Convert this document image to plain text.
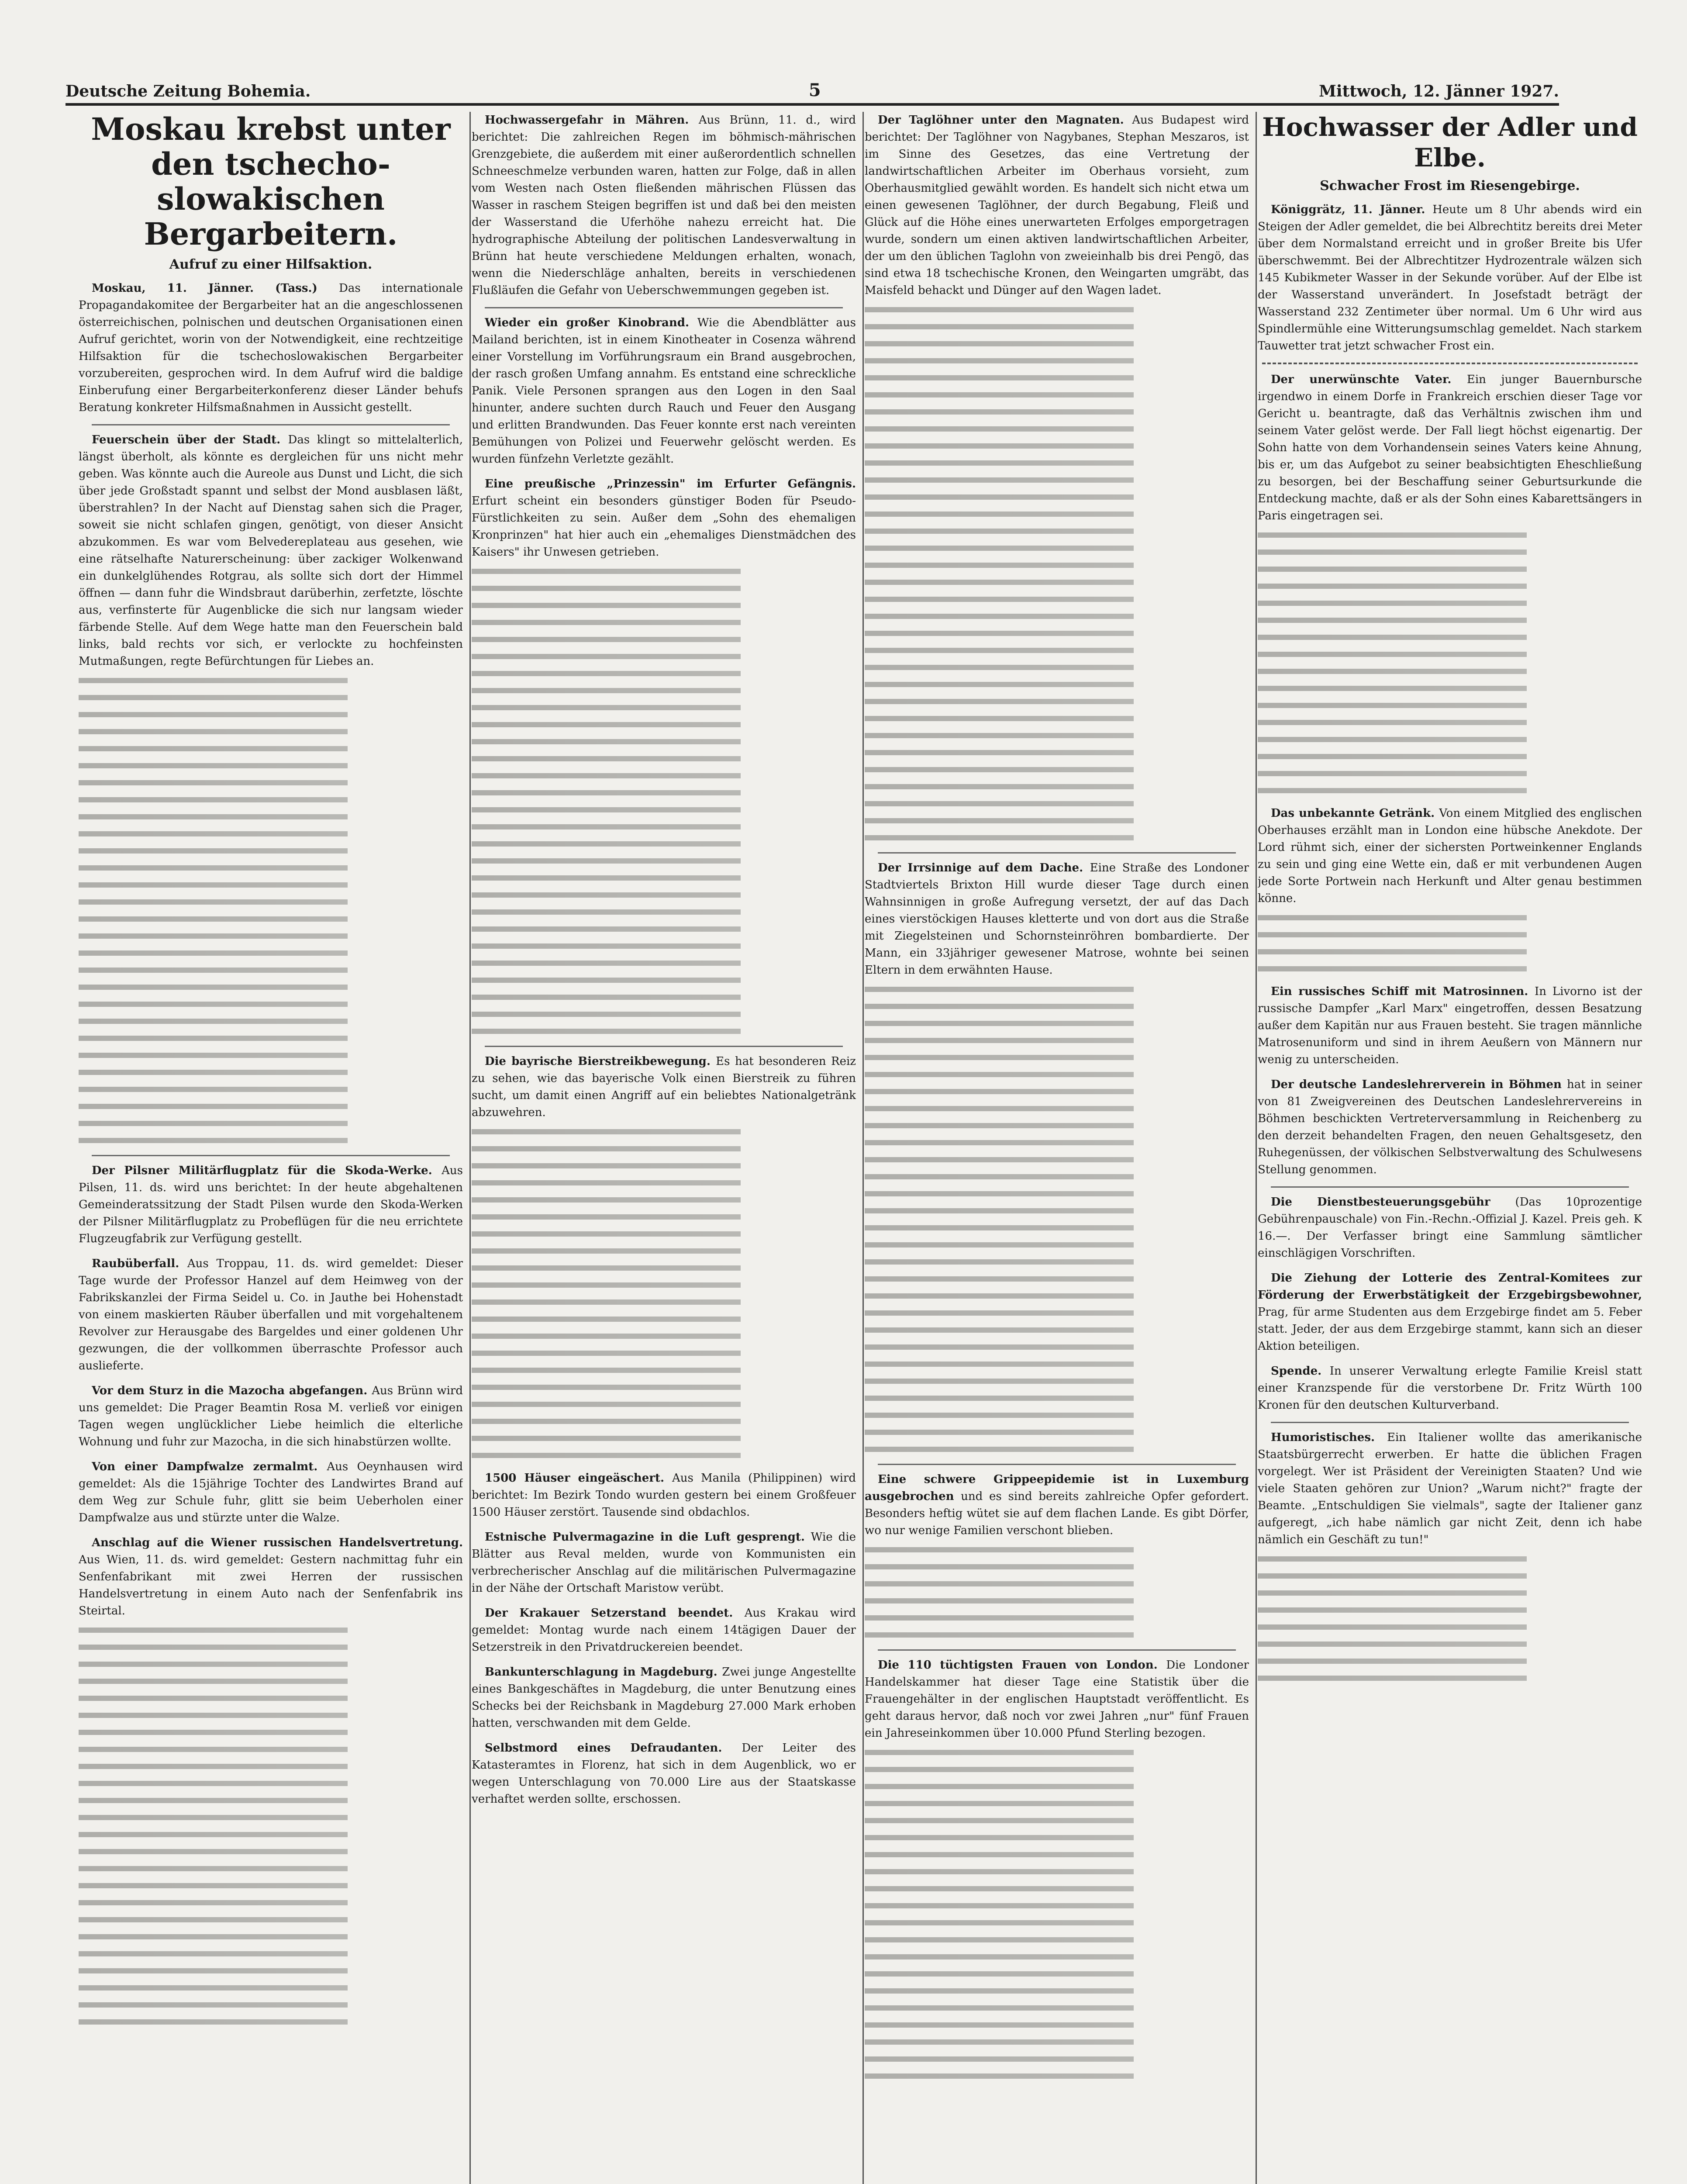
Deutsche Zeitung Bohemia.	5	Mittwoch, 12. Jänner 1927.
Moskau krebst unter den tschecho-slowakischen Bergarbeitern.
Aufruf zu einer Hilfsaktion.

Moskau, 11. Jänner. (Tass.) Das internationale Propagandakomitee der Bergarbeiter hat an die angeschlossenen österreichischen, polnischen und deutschen Organisationen einen Aufruf gerichtet, worin von der Notwendigkeit, eine rechtzeitige Hilfsaktion für die tschechoslowakischen Bergarbeiter vorzubereiten, gesprochen wird. In dem Aufruf wird die baldige Einberufung einer Bergarbeiterkonferenz dieser Länder behufs Beratung konkreter Hilfsmaßnahmen in Aussicht gestellt.

Feuerschein über der Stadt. Das klingt so mittelalterlich, längst überholt, als könnte es dergleichen für uns nicht mehr geben. Was könnte auch die Aureole aus Dunst und Licht, die sich über jede Großstadt spannt und selbst der Mond ausblasen läßt, überstrahlen? In der Nacht auf Dienstag sahen sich die Prager, soweit sie nicht schlafen gingen, genötigt, von dieser Ansicht abzukommen. Es war vom Belvedereplateau aus gesehen, wie eine rätselhafte Naturerscheinung: über zackiger Wolkenwand ein dunkelglühendes Rotgrau, als sollte sich dort der Himmel öffnen — dann fuhr die Windsbraut darüberhin, zerfetzte, löschte aus, verfinsterte für Augenblicke die sich nur langsam wieder färbende Stelle. Auf dem Wege hatte man den Feuerschein bald links, bald rechts vor sich, er verlockte zu hochfeinsten Mutmaßungen, regte Befürchtungen für Liebes an.

Der Pilsner Militärflugplatz für die Skoda-Werke. Aus Pilsen, 11. ds. wird uns berichtet: In der heute abgehaltenen Gemeinderatssitzung der Stadt Pilsen wurde den Skoda-Werken der Pilsner Militärflugplatz zu Probeflügen für die neu errichtete Flugzeugfabrik zur Verfügung gestellt.

Raubüberfall. Aus Troppau, 11. ds. wird gemeldet: Dieser Tage wurde der Professor Hanzel auf dem Heimweg von der Fabrikskanzlei der Firma Seidel u. Co. in Jauthe bei Hohenstadt von einem maskierten Räuber überfallen und mit vorgehaltenem Revolver zur Herausgabe des Bargeldes und einer goldenen Uhr gezwungen, die der vollkommen überraschte Professor auch auslieferte.

Vor dem Sturz in die Mazocha abgefangen. Aus Brünn wird uns gemeldet: Die Prager Beamtin Rosa M. verließ vor einigen Tagen wegen unglücklicher Liebe heimlich die elterliche Wohnung und fuhr zur Mazocha, in die sich hinabstürzen wollte.

Von einer Dampfwalze zermalmt. Aus Oeynhausen wird gemeldet: Als die 15jährige Tochter des Landwirtes Brand auf dem Weg zur Schule fuhr, glitt sie beim Ueberholen einer Dampfwalze aus und stürzte unter die Walze.

Anschlag auf die Wiener russischen Handelsvertretung. Aus Wien, 11. ds. wird gemeldet: Gestern nachmittag fuhr ein Senfenfabrikant mit zwei Herren der russischen Handelsvertretung in einem Auto nach der Senfenfabrik ins Steirtal.

Hochwassergefahr in Mähren. Aus Brünn, 11. d., wird berichtet: Die zahlreichen Regen im böhmisch-mährischen Grenzgebiete, die außerdem mit einer außerordentlich schnellen Schneeschmelze verbunden waren, hatten zur Folge, daß in allen vom Westen nach Osten fließenden mährischen Flüssen das Wasser in raschem Steigen begriffen ist und daß bei den meisten der Wasserstand die Uferhöhe nahezu erreicht hat. Die hydrographische Abteilung der politischen Landesverwaltung in Brünn hat heute verschiedene Meldungen erhalten, wonach, wenn die Niederschläge anhalten, bereits in verschiedenen Flußläufen die Gefahr von Ueberschwemmungen gegeben ist.

Wieder ein großer Kinobrand. Wie die Abendblätter aus Mailand berichten, ist in einem Kinotheater in Cosenza während einer Vorstellung im Vorführungsraum ein Brand ausgebrochen, der rasch großen Umfang annahm. Es entstand eine schreckliche Panik. Viele Personen sprangen aus den Logen in den Saal hinunter, andere suchten durch Rauch und Feuer den Ausgang und erlitten Brandwunden. Das Feuer konnte erst nach vereinten Bemühungen von Polizei und Feuerwehr gelöscht werden. Es wurden fünfzehn Verletzte gezählt.

Eine preußische „Prinzessin" im Erfurter Gefängnis. Erfurt scheint ein besonders günstiger Boden für Pseudo-Fürstlichkeiten zu sein. Außer dem „Sohn des ehemaligen Kronprinzen" hat hier auch ein „ehemaliges Dienstmädchen des Kaisers" ihr Unwesen getrieben.

Die bayrische Bierstreikbewegung. Es hat besonderen Reiz zu sehen, wie das bayerische Volk einen Bierstreik zu führen sucht, um damit einen Angriff auf ein beliebtes Nationalgetränk abzuwehren.

1500 Häuser eingeäschert. Aus Manila (Philippinen) wird berichtet: Im Bezirk Tondo wurden gestern bei einem Großfeuer 1500 Häuser zerstört. Tausende sind obdachlos.

Estnische Pulvermagazine in die Luft gesprengt. Wie die Blätter aus Reval melden, wurde von Kommunisten ein verbrecherischer Anschlag auf die militärischen Pulvermagazine in der Nähe der Ortschaft Maristow verübt.

Der Krakauer Setzerstand beendet. Aus Krakau wird gemeldet: Montag wurde nach einem 14tägigen Dauer der Setzerstreik in den Privatdruckereien beendet.

Bankunterschlagung in Magdeburg. Zwei junge Angestellte eines Bankgeschäftes in Magdeburg, die unter Benutzung eines Schecks bei der Reichsbank in Magdeburg 27.000 Mark erhoben hatten, verschwanden mit dem Gelde.

Selbstmord eines Defraudanten. Der Leiter des Katasteramtes in Florenz, hat sich in dem Augenblick, wo er wegen Unterschlagung von 70.000 Lire aus der Staatskasse verhaftet werden sollte, erschossen.

Der Taglöhner unter den Magnaten. Aus Budapest wird berichtet: Der Taglöhner von Nagybanes, Stephan Meszaros, ist im Sinne des Gesetzes, das eine Vertretung der landwirtschaftlichen Arbeiter im Oberhaus vorsieht, zum Oberhausmitglied gewählt worden. Es handelt sich nicht etwa um einen gewesenen Taglöhner, der durch Begabung, Fleiß und Glück auf die Höhe eines unerwarteten Erfolges emporgetragen wurde, sondern um einen aktiven landwirtschaftlichen Arbeiter, der um den üblichen Taglohn von zweieinhalb bis drei Pengö, das sind etwa 18 tschechische Kronen, den Weingarten umgräbt, das Maisfeld behackt und Dünger auf den Wagen ladet.

Der Irrsinnige auf dem Dache. Eine Straße des Londoner Stadtviertels Brixton Hill wurde dieser Tage durch einen Wahnsinnigen in große Aufregung versetzt, der auf das Dach eines vierstöckigen Hauses kletterte und von dort aus die Straße mit Ziegelsteinen und Schornsteinröhren bombardierte. Der Mann, ein 33jähriger gewesener Matrose, wohnte bei seinen Eltern in dem erwähnten Hause.

Eine schwere Grippeepidemie ist in Luxemburg ausgebrochen und es sind bereits zahlreiche Opfer gefordert. Besonders heftig wütet sie auf dem flachen Lande. Es gibt Dörfer, wo nur wenige Familien verschont blieben.

Die 110 tüchtigsten Frauen von London. Die Londoner Handelskammer hat dieser Tage eine Statistik über die Frauengehälter in der englischen Hauptstadt veröffentlicht. Es geht daraus hervor, daß noch vor zwei Jahren „nur" fünf Frauen ein Jahreseinkommen über 10.000 Pfund Sterling bezogen.

Hochwasser der Adler und Elbe.
Schwacher Frost im Riesengebirge.

Königgrätz, 11. Jänner. Heute um 8 Uhr abends wird ein Steigen der Adler gemeldet, die bei Albrechtitz bereits drei Meter über dem Normalstand erreicht und in großer Breite bis Ufer überschwemmt. Bei der Albrechtitzer Hydrozentrale wälzen sich 145 Kubikmeter Wasser in der Sekunde vorüber. Auf der Elbe ist der Wasserstand unverändert. In Josefstadt beträgt der Wasserstand 232 Zentimeter über normal. Um 6 Uhr wird aus Spindlermühle eine Witterungsumschlag gemeldet. Nach starkem Tauwetter trat jetzt schwacher Frost ein.

Der unerwünschte Vater. Ein junger Bauernbursche irgendwo in einem Dorfe in Frankreich erschien dieser Tage vor Gericht u. beantragte, daß das Verhältnis zwischen ihm und seinem Vater gelöst werde. Der Fall liegt höchst eigenartig. Der Sohn hatte von dem Vorhandensein seines Vaters keine Ahnung, bis er, um das Aufgebot zu seiner beabsichtigten Eheschließung zu besorgen, bei der Beschaffung seiner Geburtsurkunde die Entdeckung machte, daß er als der Sohn eines Kabarettsängers in Paris eingetragen sei.

Das unbekannte Getränk. Von einem Mitglied des englischen Oberhauses erzählt man in London eine hübsche Anekdote. Der Lord rühmt sich, einer der sichersten Portweinkenner Englands zu sein und ging eine Wette ein, daß er mit verbundenen Augen jede Sorte Portwein nach Herkunft und Alter genau bestimmen könne.

Ein russisches Schiff mit Matrosinnen. In Livorno ist der russische Dampfer „Karl Marx" eingetroffen, dessen Besatzung außer dem Kapitän nur aus Frauen besteht. Sie tragen männliche Matrosenuniform und sind in ihrem Aeußern von Männern nur wenig zu unterscheiden.

Der deutsche Landeslehrerverein in Böhmen hat in seiner von 81 Zweigvereinen des Deutschen Landeslehrervereins in Böhmen beschickten Vertreterversammlung in Reichenberg zu den derzeit behandelten Fragen, den neuen Gehaltsgesetz, den Ruhegenüssen, der völkischen Selbstverwaltung des Schulwesens Stellung genommen.

Die Dienstbesteuerungsgebühr (Das 10prozentige Gebührenpauschale) von Fin.-Rechn.-Offizial J. Kazel. Preis geh. K 16.—. Der Verfasser bringt eine Sammlung sämtlicher einschlägigen Vorschriften.

Die Ziehung der Lotterie des Zentral-Komitees zur Förderung der Erwerbstätigkeit der Erzgebirgsbewohner, Prag, für arme Studenten aus dem Erzgebirge findet am 5. Feber statt. Jeder, der aus dem Erzgebirge stammt, kann sich an dieser Aktion beteiligen.

Spende. In unserer Verwaltung erlegte Familie Kreisl statt einer Kranzspende für die verstorbene Dr. Fritz Würth 100 Kronen für den deutschen Kulturverband.

Humoristisches. Ein Italiener wollte das amerikanische Staatsbürgerrecht erwerben. Er hatte die üblichen Fragen vorgelegt. Wer ist Präsident der Vereinigten Staaten? Und wie viele Staaten gehören zur Union? „Warum nicht?" fragte der Beamte. „Entschuldigen Sie vielmals", sagte der Italiener ganz aufgeregt, „ich habe nämlich gar nicht Zeit, denn ich habe nämlich ein Geschäft zu tun!"
